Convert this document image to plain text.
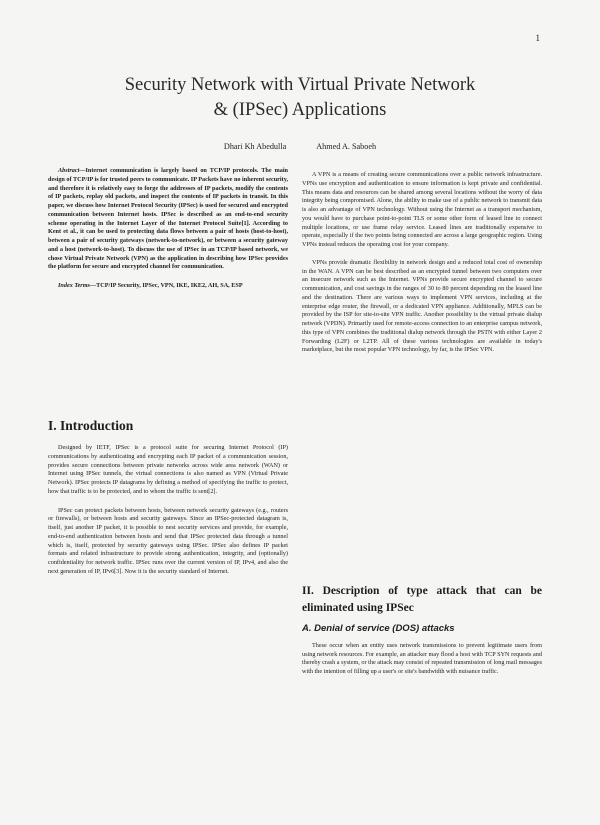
1
Security Network with Virtual Private Network
& (IPSec) Applications
Dhari Kh Abedulla	Ahmed A. Saboeh

Abstract—Internet communication is largely based on TCP/IP protocols. The main design of TCP/IP is for trusted peers to communicate. IP Packets have no inherent security, and therefore it is relatively easy to forge the addresses of IP packets, modify the contents of IP packets, replay old packets, and inspect the contents of IP packets in transit. In this paper, we discuss how Internet Protocol Security (IPSec) is used for secured and encrypted communication between Internet hosts. IPSec is described as an end-to-end security scheme operating in the Internet Layer of the Internet Protocol Suite[1]. According to Kent et al., it can be used to protecting data flows between a pair of hosts (host-to-host), between a pair of security gateways (network-to-network), or between a security gateway and a host (network-to-host). To discuss the use of IPSec in an TCP/IP based network, we chose Virtual Private Network (VPN) as the application in describing how IPSec provides the platform for secure and encrypted channel for communication.

Index Terms—TCP/IP Security, IPSec, VPN, IKE, IKE2, AH, SA, ESP

I. Introduction

Designed by IETF, IPSec is a protocol suite for securing Internet Protocol (IP) communications by authenticating and encrypting each IP packet of a communication session, provides secure connections between private networks across wide area network (WAN) or Internet using IPSec tunnels, the virtual connections is also named as VPN (Virtual Private Network). IPSec protects IP datagrams by defining a method of specifying the traffic to protect, how that traffic is to be protected, and to whom the traffic is sent[2].

IPSec can protect packets between hosts, between network security gateways (e.g., routers or firewalls), or between hosts and security gateways. Since an IPSec-protected datagram is, itself, just another IP packet, it is possible to nest security services and provide, for example, end-to-end authentication between hosts and send that IPSec protected data through a tunnel which is, itself, protected by security gateways using IPSec. IPSec also defines IP packet formats and related infrastructure to provide strong authentication, integrity, and (optionally) confidentiality for network traffic. IPSec runs over the current version of IP, IPv4, and also the next generation of IP, IPv6[3]. Now it is the security standard of Internet.

A VPN is a means of creating secure communications over a public network infrastructure. VPNs use encryption and authentication to ensure information is kept private and confidential. This means data and resources can be shared among several locations without the worry of data integrity being compromised. Alone, the ability to make use of a public network to transmit data is also an advantage of VPN technology. Without using the Internet as a transport mechanism, you would have to purchase point-to-point TLS or some other form of leased line to connect multiple locations, or use frame relay service. Leased lines are traditionally expensive to operate, especially if the two points being connected are across a large geographic region. Using VPNs instead reduces the operating cost for your company.

VPNs provide dramatic flexibility in network design and a reduced total cost of ownership in the WAN. A VPN can be best described as an encrypted tunnel between two computers over an insecure network such as the Internet. VPNs provide secure encrypted channel to secure communication, and cost savings in the ranges of 30 to 80 percent depending on the leased line and the destination. There are various ways to implement VPN services, including at the enterprise edge router, the firewall, or a dedicated VPN appliance. Additionally, MPLS can be provided by the ISP for site-to-site VPN traffic. Another possibility is the virtual private dialup network (VPDN). Primarily used for remote-access connection to an enterprise campus network, this type of VPN combines the traditional dialup network through the PSTN with either Layer 2 Forwarding (L2F) or L2TP. All of these various technologies are available in today's marketplace, but the most popular VPN technology, by far, is the IPSec VPN.

II. Description of type attack that can be eliminated using IPSec
A. Denial of service (DOS) attacks

These occur when an entity uses network transmissions to prevent legitimate users from using network resources. For example, an attacker may flood a host with TCP SYN requests and thereby crash a system, or the attack may consist of repeated transmission of long mail messages with the intention of filling up a user's or site's bandwidth with nuisance traffic.
